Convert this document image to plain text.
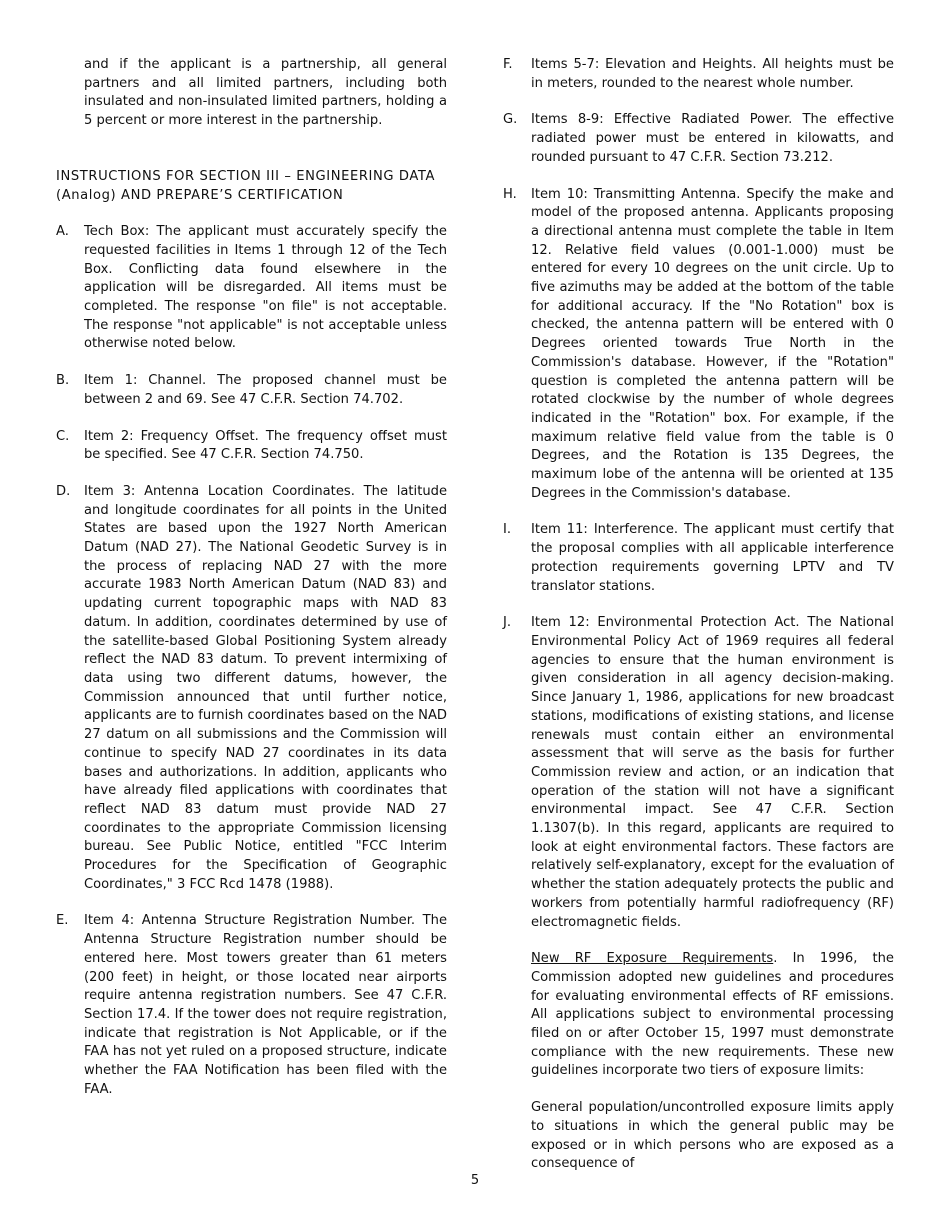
and if the applicant is a partnership, all general partners and all limited partners, including both insulated and non-insulated limited partners, holding a 5 percent or more interest in the partnership.

INSTRUCTIONS FOR SECTION III – ENGINEERING DATA (Analog) AND PREPARE’S CERTIFICATION

A.	Tech Box: The applicant must accurately specify the requested facilities in Items 1 through 12 of the Tech Box. Conflicting data found elsewhere in the application will be disregarded. All items must be completed. The response "on file" is not acceptable. The response "not applicable" is not acceptable unless otherwise noted below.
B.	Item 1: Channel. The proposed channel must be between 2 and 69. See 47 C.F.R. Section 74.702.
C.	Item 2: Frequency Offset. The frequency offset must be specified. See 47 C.F.R. Section 74.750.
D.	Item 3: Antenna Location Coordinates. The latitude and longitude coordinates for all points in the United States are based upon the 1927 North American Datum (NAD 27). The National Geodetic Survey is in the process of replacing NAD 27 with the more accurate 1983 North American Datum (NAD 83) and updating current topographic maps with NAD 83 datum. In addition, coordinates determined by use of the satellite-based Global Positioning System already reflect the NAD 83 datum. To prevent intermixing of data using two different datums, however, the Commission announced that until further notice, applicants are to furnish coordinates based on the NAD 27 datum on all submissions and the Commission will continue to specify NAD 27 coordinates in its data bases and authorizations. In addition, applicants who have already filed applications with coordinates that reflect NAD 83 datum must provide NAD 27 coordinates to the appropriate Commission licensing bureau. See Public Notice, entitled "FCC Interim Procedures for the Specification of Geographic Coordinates," 3 FCC Rcd 1478 (1988).
E.	Item 4: Antenna Structure Registration Number. The Antenna Structure Registration number should be entered here. Most towers greater than 61 meters (200 feet) in height, or those located near airports require antenna registration numbers. See 47 C.F.R. Section 17.4. If the tower does not require registration, indicate that registration is Not Applicable, or if the FAA has not yet ruled on a proposed structure, indicate whether the FAA Notification has been filed with the FAA.
F.	Items 5-7: Elevation and Heights. All heights must be in meters, rounded to the nearest whole number.
G.	Items 8-9: Effective Radiated Power. The effective radiated power must be entered in kilowatts, and rounded pursuant to 47 C.F.R. Section 73.212.
H.	Item 10: Transmitting Antenna. Specify the make and model of the proposed antenna. Applicants proposing a directional antenna must complete the table in Item 12. Relative field values (0.001-1.000) must be entered for every 10 degrees on the unit circle. Up to five azimuths may be added at the bottom of the table for additional accuracy. If the "No Rotation" box is checked, the antenna pattern will be entered with 0 Degrees oriented towards True North in the Commission's database. However, if the "Rotation" question is completed the antenna pattern will be rotated clockwise by the number of whole degrees indicated in the "Rotation" box. For example, if the maximum relative field value from the table is 0 Degrees, and the Rotation is 135 Degrees, the maximum lobe of the antenna will be oriented at 135 Degrees in the Commission's database.
I.	Item 11: Interference. The applicant must certify that the proposal complies with all applicable interference protection requirements governing LPTV and TV translator stations.
J.	Item 12: Environmental Protection Act. The National Environmental Policy Act of 1969 requires all federal agencies to ensure that the human environment is given consideration in all agency decision-making. Since January 1, 1986, applications for new broadcast stations, modifications of existing stations, and license renewals must contain either an environmental assessment that will serve as the basis for further Commission review and action, or an indication that operation of the station will not have a significant environmental impact. See 47 C.F.R. Section 1.1307(b). In this regard, applicants are required to look at eight environmental factors. These factors are relatively self-explanatory, except for the evaluation of whether the station adequately protects the public and workers from potentially harmful radiofrequency (RF) electromagnetic fields.

New RF Exposure Requirements. In 1996, the Commission adopted new guidelines and procedures for evaluating environmental effects of RF emissions. All applications subject to environmental processing filed on or after October 15, 1997 must demonstrate compliance with the new requirements. These new guidelines incorporate two tiers of exposure limits:

General population/uncontrolled exposure limits apply to situations in which the general public may be exposed or in which persons who are exposed as a consequence of

5
